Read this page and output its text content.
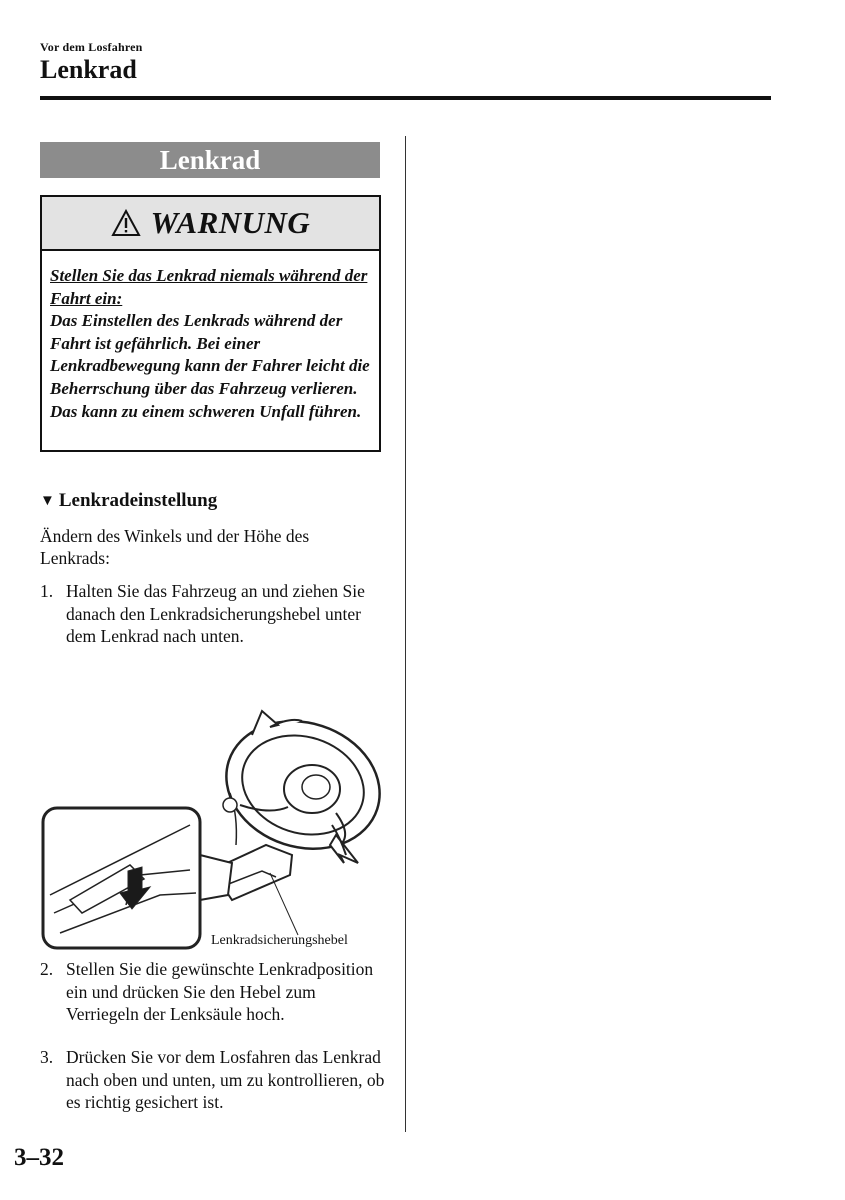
Vor dem Losfahren
Lenkrad
Lenkrad
WARNUNG
Stellen Sie das Lenkrad niemals während der Fahrt ein:
Das Einstellen des Lenkrads während der Fahrt ist gefährlich. Bei einer Lenkradbewegung kann der Fahrer leicht die Beherrschung über das Fahrzeug verlieren. Das kann zu einem schweren Unfall führen.
▼ Lenkradeinstellung
Ändern des Winkels und der Höhe des Lenkrads:
1. Halten Sie das Fahrzeug an und ziehen Sie danach den Lenkradsicherungshebel unter dem Lenkrad nach unten.
Lenkradsicherungshebel
2. Stellen Sie die gewünschte Lenkradposition ein und drücken Sie den Hebel zum Verriegeln der Lenksäule hoch.
3. Drücken Sie vor dem Losfahren das Lenkrad nach oben und unten, um zu kontrollieren, ob es richtig gesichert ist.
3–32
